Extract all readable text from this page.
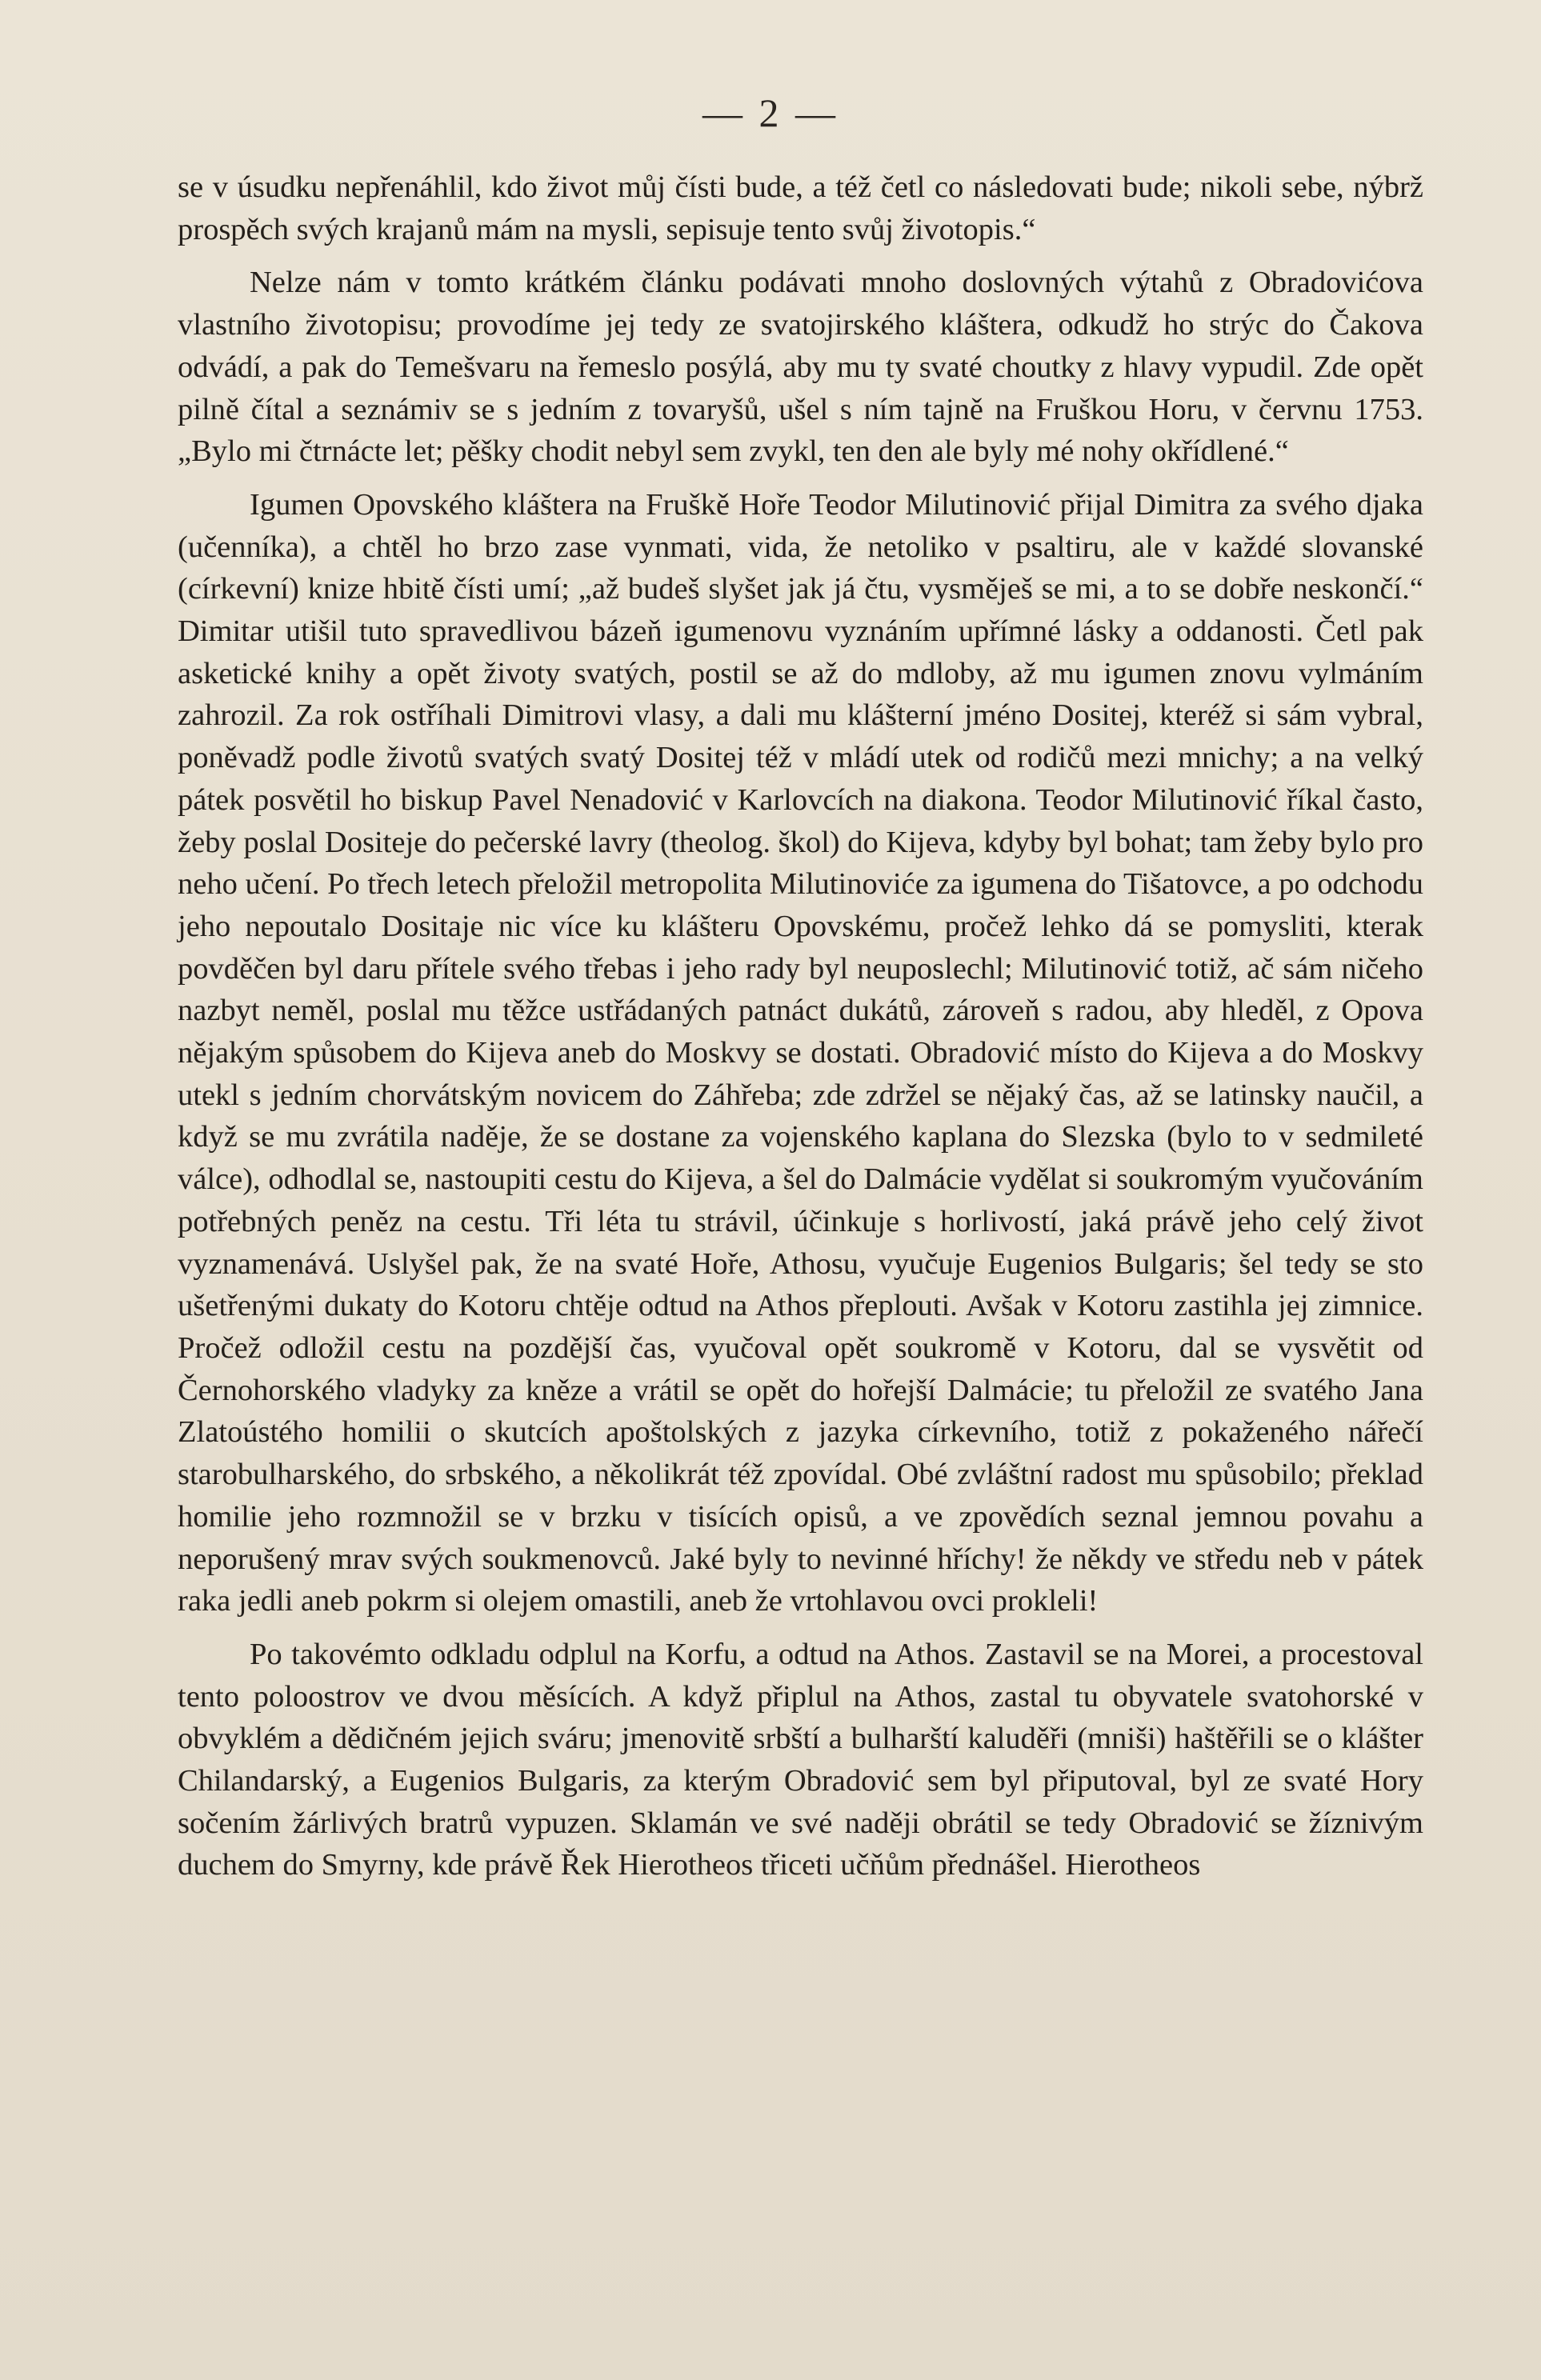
— 2 —

se v úsudku nepřenáhlil, kdo život můj čísti bude, a též četl co následovati bude; nikoli sebe, nýbrž prospěch svých krajanů mám na mysli, sepisuje tento svůj životopis.“

Nelze nám v tomto krátkém článku podávati mnoho doslovných výtahů z Obradovićova vlastního životopisu; provodíme jej tedy ze svatojirského kláštera, odkudž ho strýc do Čakova odvádí, a pak do Temešvaru na řemeslo posýlá, aby mu ty svaté choutky z hlavy vypudil. Zde opět pilně čítal a seznámiv se s jedním z tovaryšů, ušel s ním tajně na Fruškou Horu, v červnu 1753. „Bylo mi čtrnácte let; pěšky chodit nebyl sem zvykl, ten den ale byly mé nohy okřídlené.“

Igumen Opovského kláštera na Fruškě Hoře Teodor Milutinović přijal Dimitra za svého djaka (učenníka), a chtěl ho brzo zase vynmati, vida, že netoliko v psaltiru, ale v každé slovanské (církevní) knize hbitě čísti umí; „až budeš slyšet jak já čtu, vysměješ se mi, a to se dobře neskončí.“ Dimitar utišil tuto spravedlivou bázeň igumenovu vyznáním upřímné lásky a oddanosti. Četl pak asketické knihy a opět životy svatých, postil se až do mdloby, až mu igumen znovu vylmáním zahrozil. Za rok ostříhali Dimitrovi vlasy, a dali mu klášterní jméno Dositej, kteréž si sám vybral, poněvadž podle životů svatých svatý Dositej též v mládí utek od rodičů mezi mnichy; a na velký pátek posvětil ho biskup Pavel Nenadović v Karlovcích na diakona. Teodor Milutinović říkal často, žeby poslal Dositeje do pečerské lavry (theolog. škol) do Kijeva, kdyby byl bohat; tam žeby bylo pro neho učení. Po třech letech přeložil metropolita Milutinoviće za igumena do Tišatovce, a po odchodu jeho nepoutalo Dositaje nic více ku klášteru Opovskému, pročež lehko dá se pomysliti, kterak povděčen byl daru přítele svého třebas i jeho rady byl neuposlechl; Milutinović totiž, ač sám ničeho nazbyt neměl, poslal mu těžce ustřádaných patnáct dukátů, zároveň s radou, aby hleděl, z Opova nějakým spůsobem do Kijeva aneb do Moskvy se dostati. Obradović místo do Kijeva a do Moskvy utekl s jedním chorvátským novicem do Záhřeba; zde zdržel se nějaký čas, až se latinsky naučil, a když se mu zvrátila naděje, že se dostane za vojenského kaplana do Slezska (bylo to v sedmileté válce), odhodlal se, nastoupiti cestu do Kijeva, a šel do Dalmácie vydělat si soukromým vyučováním potřebných peněz na cestu. Tři léta tu strávil, účinkuje s horlivostí, jaká právě jeho celý život vyznamenává. Uslyšel pak, že na svaté Hoře, Athosu, vyučuje Eugenios Bulgaris; šel tedy se sto ušetřenými dukaty do Kotoru chtěje odtud na Athos přeplouti. Avšak v Kotoru zastihla jej zimnice. Pročež odložil cestu na pozdější čas, vyučoval opět soukromě v Kotoru, dal se vysvětit od Černohorského vladyky za kněze a vrátil se opět do hořejší Dalmácie; tu přeložil ze svatého Jana Zlatoústého homilii o skutcích apoštolských z jazyka církevního, totiž z pokaženého nářečí starobulharského, do srbského, a několikrát též zpovídal. Obé zvláštní radost mu spůsobilo; překlad homilie jeho rozmnožil se v brzku v tisících opisů, a ve zpovědích seznal jemnou povahu a neporušený mrav svých soukmenovců. Jaké byly to nevinné hříchy! že někdy ve středu neb v pátek raka jedli aneb pokrm si olejem omastili, aneb že vrtohlavou ovci prokleli!

Po takovémto odkladu odplul na Korfu, a odtud na Athos. Zastavil se na Morei, a procestoval tento poloostrov ve dvou měsících. A když připlul na Athos, zastal tu obyvatele svatohorské v obvyklém a dědičném jejich sváru; jmenovitě srbští a bulharští kaluděři (mniši) haštěřili se o klášter Chilandarský, a Eugenios Bulgaris, za kterým Obradović sem byl připutoval, byl ze svaté Hory sočením žárlivých bratrů vypuzen. Sklamán ve své naději obrátil se tedy Obradović se žíznivým duchem do Smyrny, kde právě Řek Hierotheos třiceti učňům přednášel. Hierotheos
